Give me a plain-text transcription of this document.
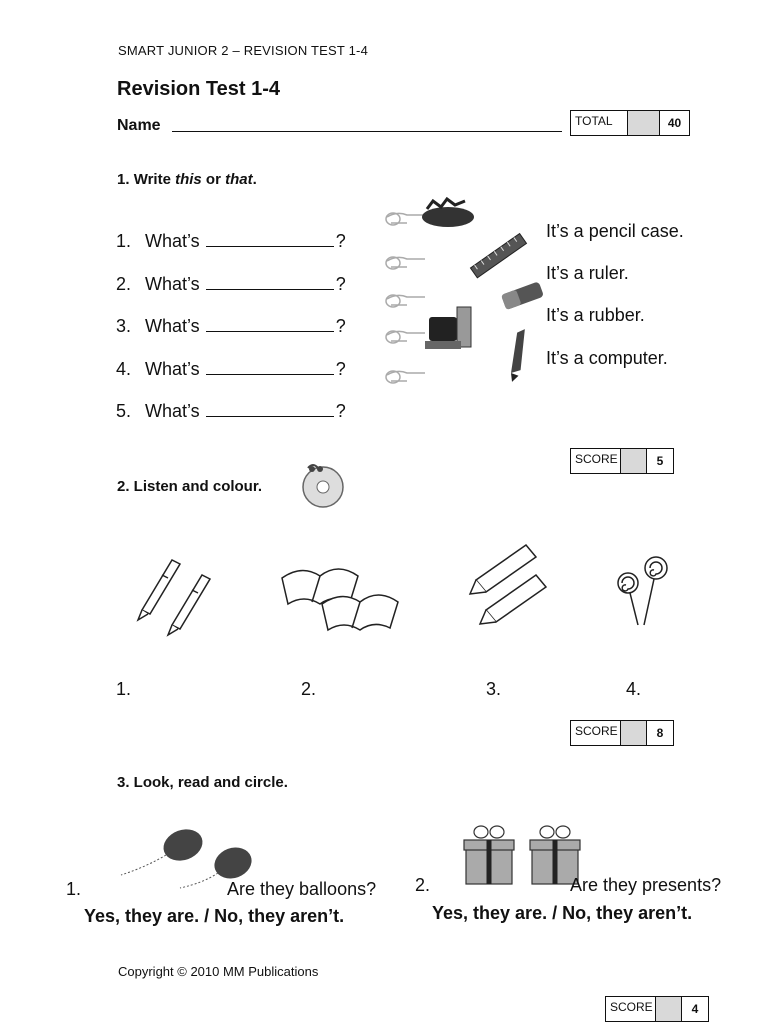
SMART JUNIOR 2 – REVISION TEST 1-4
Revision Test 1-4
Name	TOTAL	40
1. Write this or that.
1. What’s	?
2. What’s	?
3. What’s	?
4. What’s	?
5. What’s	?
It’s a pencil case.
It’s a ruler.
It’s a rubber.
It’s a computer.
SCORE	5
2. Listen and colour.
1.	2.	3.	4.
SCORE	8
3. Look, read and circle.
1.	Are they balloons?
Yes, they are. / No, they aren’t.
2.	Are they presents?
Yes, they are. / No, they aren’t.
Copyright © 2010 MM Publications
SCORE	4
